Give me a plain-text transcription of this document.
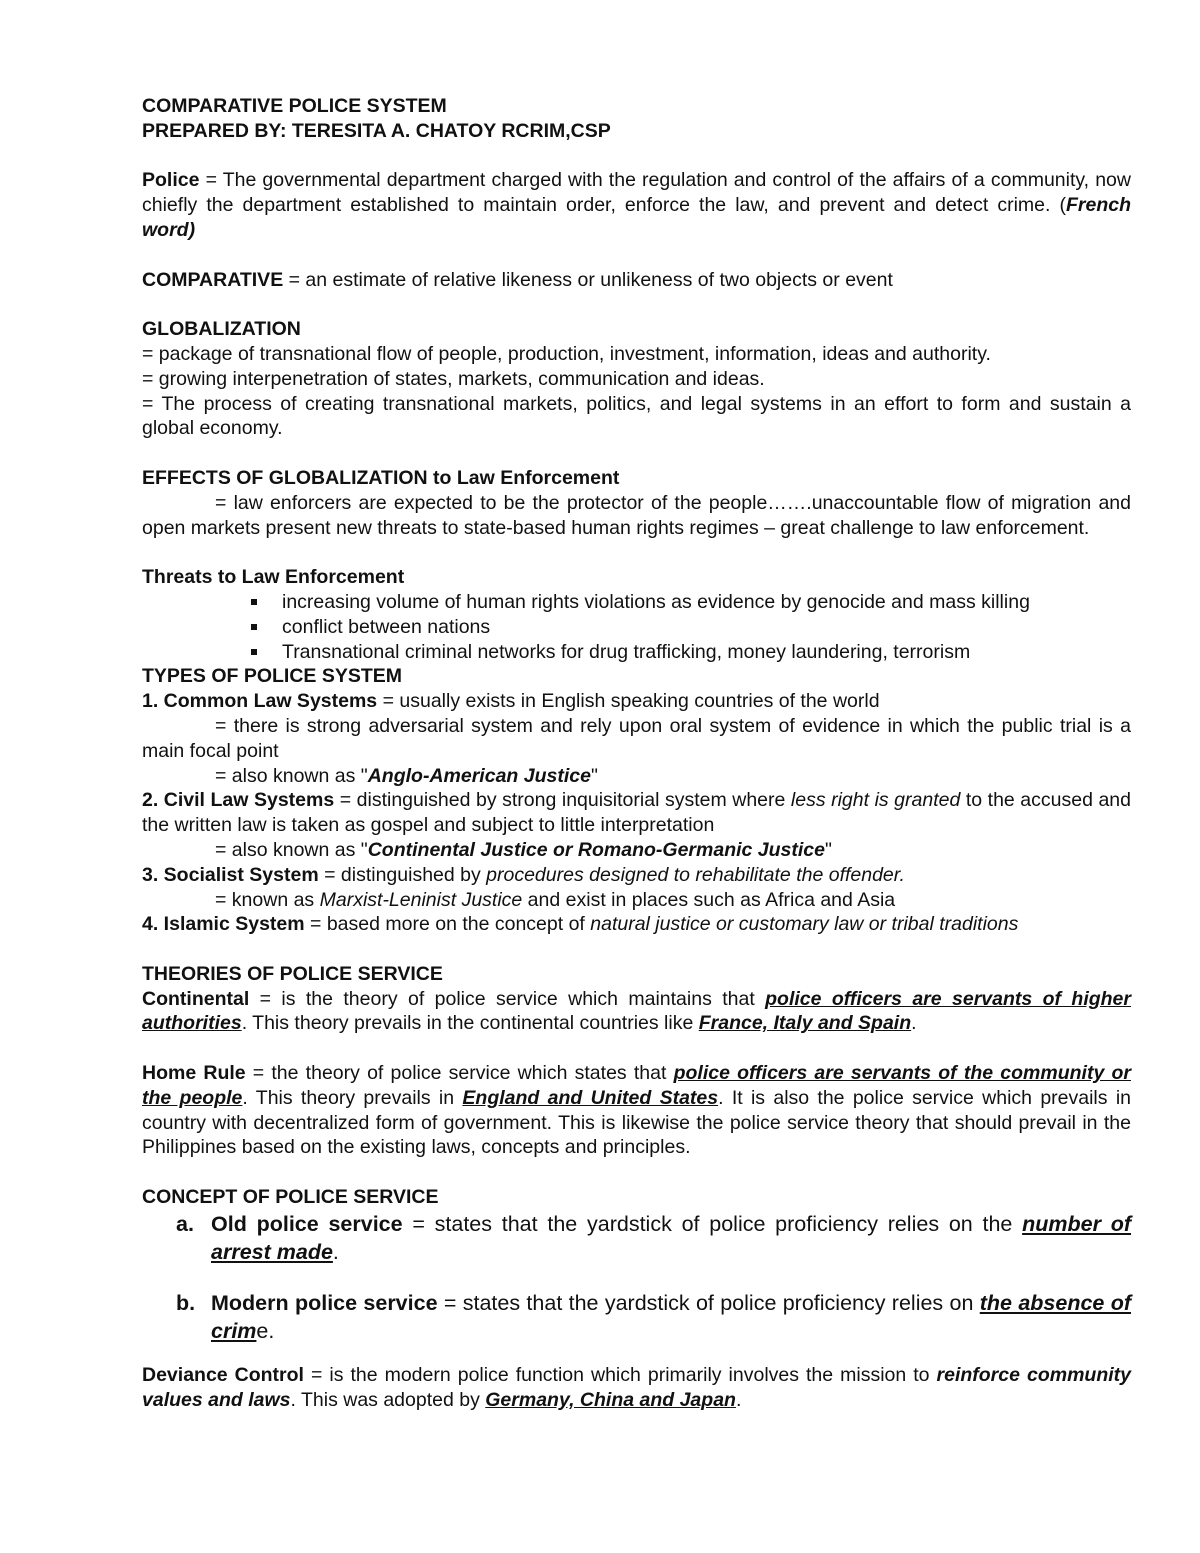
COMPARATIVE POLICE SYSTEM

PREPARED BY: TERESITA A. CHATOY RCRIM,CSP

Police = The governmental department charged with the regulation and control of the affairs of a community, now chiefly the department established to maintain order, enforce the law, and prevent and detect crime. (French word)

COMPARATIVE = an estimate of relative likeness or unlikeness of two objects or event

GLOBALIZATION

= package of transnational flow of people, production, investment, information, ideas and authority.

= growing interpenetration of states, markets, communication and ideas.

= The process of creating transnational markets, politics, and legal systems in an effort to form and sustain a global economy.

EFFECTS OF GLOBALIZATION to Law Enforcement

= law enforcers are expected to be the protector of the people…….unaccountable flow of migration and open markets present new threats to state-based human rights regimes – great challenge to law enforcement.

Threats to Law Enforcement

increasing volume of human rights violations as evidence by genocide and mass killing
conflict between nations
Transnational criminal networks for drug trafficking, money laundering, terrorism

TYPES OF POLICE SYSTEM

1. Common Law Systems = usually exists in English speaking countries of the world

= there is strong adversarial system and rely upon oral system of evidence in which the public trial is a main focal point

= also known as "Anglo-American Justice"

2. Civil Law Systems = distinguished by strong inquisitorial system where less right is granted to the accused and the written law is taken as gospel and subject to little interpretation

= also known as "Continental Justice or Romano-Germanic Justice"

3. Socialist System = distinguished by procedures designed to rehabilitate the offender.

= known as Marxist-Leninist Justice and exist in places such as Africa and Asia

4. Islamic System = based more on the concept of natural justice or customary law or tribal traditions

THEORIES OF POLICE SERVICE

Continental = is the theory of police service which maintains that police officers are servants of higher authorities. This theory prevails in the continental countries like France, Italy and Spain.

Home Rule = the theory of police service which states that police officers are servants of the community or the people. This theory prevails in England and United States. It is also the police service which prevails in country with decentralized form of government. This is likewise the police service theory that should prevail in the Philippines based on the existing laws, concepts and principles.

CONCEPT OF POLICE SERVICE

a. Old police service = states that the yardstick of police proficiency relies on the number of arrest made.
b. Modern police service = states that the yardstick of police proficiency relies on the absence of crime.

Deviance Control = is the modern police function which primarily involves the mission to reinforce community values and laws. This was adopted by Germany, China and Japan.
